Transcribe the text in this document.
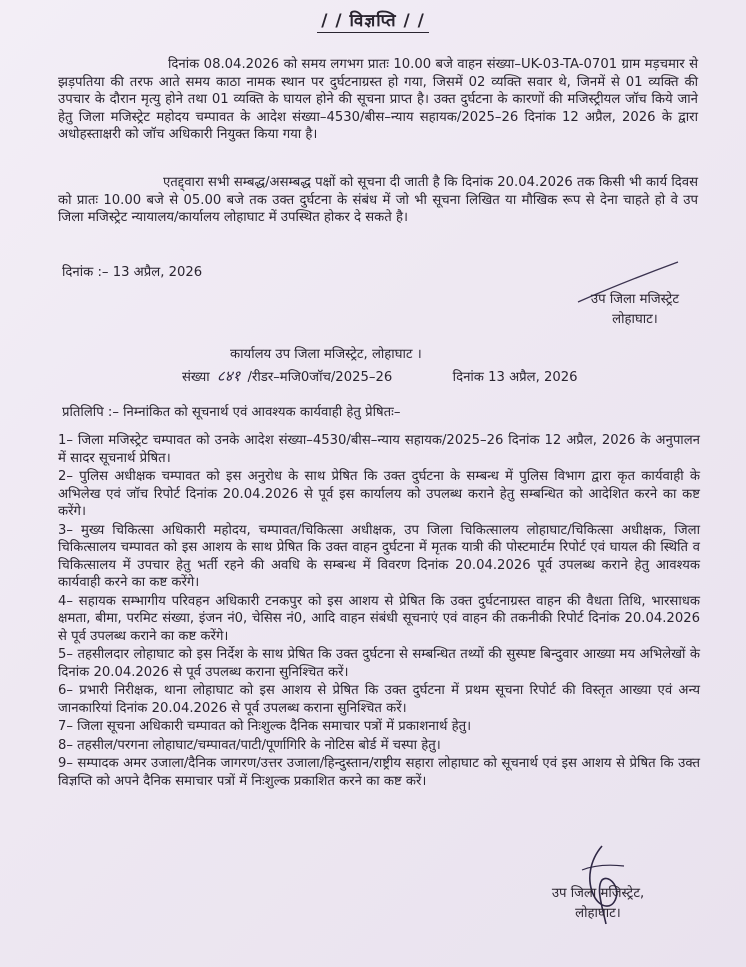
/ / विज्ञप्ति / /
दिनांक 08.04.2026 को समय लगभग प्रातः 10.00 बजे वाहन संख्या–UK-03-TA-0701 ग्राम मड़चमार से झड़पतिया की तरफ आते समय काठा नामक स्थान पर दुर्घटनाग्रस्त हो गया, जिसमें 02 व्यक्ति सवार थे, जिनमें से 01 व्यक्ति की उपचार के दौरान मृत्यु होने तथा 01 व्यक्ति के घायल होने की सूचना प्राप्त है। उक्त दुर्घटना के कारणों की मजिस्ट्रीयल जॉच किये जाने हेतु जिला मजिस्ट्रेट महोदय चम्पावत के आदेश संख्या–4530/बीस–न्याय सहायक/2025–26 दिनांक 12 अप्रैल, 2026 के द्वारा अधोहस्ताक्षरी को जॉच अधिकारी नियुक्त किया गया है।
एतद्द्वारा सभी सम्बद्ध/असम्बद्ध पक्षों को सूचना दी जाती है कि दिनांक 20.04.2026 तक किसी भी कार्य दिवस को प्रातः 10.00 बजे से 05.00 बजे तक उक्त दुर्घटना के संबंध में जो भी सूचना लिखित या मौखिक रूप से देना चाहते हो वे उप जिला मजिस्ट्रेट न्यायालय/कार्यालय लोहाघाट में उपस्थित होकर दे सकते है।
दिनांक :– 13 अप्रैल, 2026
उप जिला मजिस्ट्रेट
लोहाघाट।
कार्यालय उप जिला मजिस्ट्रेट, लोहाघाट ।
संख्या ८४१ /रीडर–मजि0जॉच/2025–26	दिनांक 13 अप्रैल, 2026
प्रतिलिपि :– निम्नांकित को सूचनार्थ एवं आवश्यक कार्यवाही हेतु प्रेषितः–
1– जिला मजिस्ट्रेट चम्पावत को उनके आदेश संख्या–4530/बीस–न्याय सहायक/2025–26 दिनांक 12 अप्रैल, 2026 के अनुपालन में सादर सूचनार्थ प्रेषित।
2– पुलिस अधीक्षक चम्पावत को इस अनुरोध के साथ प्रेषित कि उक्त दुर्घटना के सम्बन्ध में पुलिस विभाग द्वारा कृत कार्यवाही के अभिलेख एवं जॉच रिपोर्ट दिनांक 20.04.2026 से पूर्व इस कार्यालय को उपलब्ध कराने हेतु सम्बन्धित को आदेशित करने का कष्ट करेंगे।
3– मुख्य चिकित्सा अधिकारी महोदय, चम्पावत/चिकित्सा अधीक्षक, उप जिला चिकित्सालय लोहाघाट/चिकित्सा अधीक्षक, जिला चिकित्सालय चम्पावत को इस आशय के साथ प्रेषित कि उक्त वाहन दुर्घटना में मृतक यात्री की पोस्टमार्टम रिपोर्ट एवं घायल की स्थिति व चिकित्सालय में उपचार हेतु भर्ती रहने की अवधि के सम्बन्ध में विवरण दिनांक 20.04.2026 पूर्व उपलब्ध कराने हेतु आवश्यक कार्यवाही करने का कष्ट करेंगे।
4– सहायक सम्भागीय परिवहन अधिकारी टनकपुर को इस आशय से प्रेषित कि उक्त दुर्घटनाग्रस्त वाहन की वैधता तिथि, भारसाधक क्षमता, बीमा, परमिट संख्या, इंजन नं0, चेसिस नं0, आदि वाहन संबंधी सूचनाएं एवं वाहन की तकनीकी रिपोर्ट दिनांक 20.04.2026 से पूर्व उपलब्ध कराने का कष्ट करेंगे।
5– तहसीलदार लोहाघाट को इस निर्देश के साथ प्रेषित कि उक्त दुर्घटना से सम्बन्धित तथ्यों की सुस्पष्ट बिन्दुवार आख्या मय अभिलेखों के दिनांक 20.04.2026 से पूर्व उपलब्ध कराना सुनिश्चित करें।
6– प्रभारी निरीक्षक, थाना लोहाघाट को इस आशय से प्रेषित कि उक्त दुर्घटना में प्रथम सूचना रिपोर्ट की विस्तृत आख्या एवं अन्य जानकारियां दिनांक 20.04.2026 से पूर्व उपलब्ध कराना सुनिश्चित करें।
7– जिला सूचना अधिकारी चम्पावत को निःशुल्क दैनिक समाचार पत्रों में प्रकाशनार्थ हेतु।
8– तहसील/परगना लोहाघाट/चम्पावत/पाटी/पूर्णागिरि के नोटिस बोर्ड में चस्पा हेतु।
9– सम्पादक अमर उजाला/दैनिक जागरण/उत्तर उजाला/हिन्दुस्तान/राष्ट्रीय सहारा लोहाघाट को सूचनार्थ एवं इस आशय से प्रेषित कि उक्त विज्ञप्ति को अपने दैनिक समाचार पत्रों में निःशुल्क प्रकाशित करने का कष्ट करें।
उप जिला मजिस्ट्रेट,
लोहाघाट।
